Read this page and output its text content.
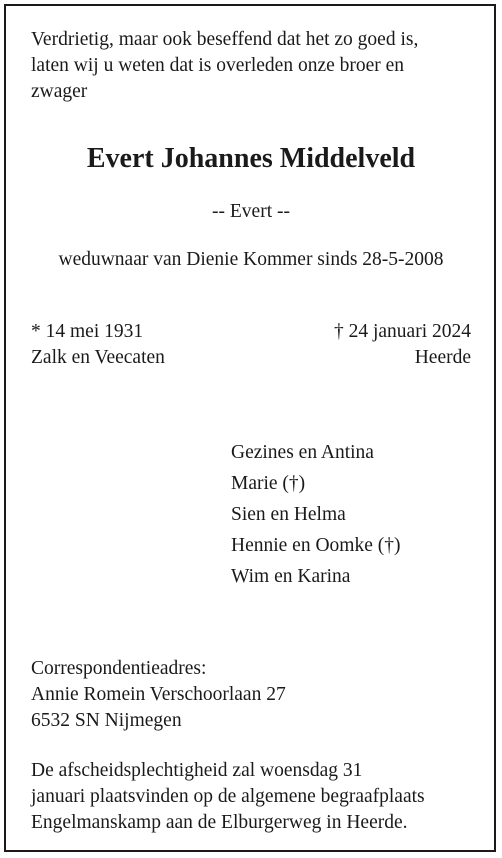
Verdrietig, maar ook beseffend dat het zo goed is,
laten wij u weten dat is overleden onze broer en
zwager
Evert Johannes Middelveld
-- Evert --
weduwnaar van Dienie Kommer sinds 28-5-2008
* 14 mei 1931
Zalk en Veecaten
† 24 januari 2024
Heerde
Gezines en Antina
Marie (†)
Sien en Helma
Hennie en Oomke (†)
Wim en Karina
Correspondentieadres:
Annie Romein Verschoorlaan 27
6532 SN Nijmegen
De afscheidsplechtigheid zal woensdag 31
januari plaatsvinden op de algemene begraafplaats
Engelmanskamp aan de Elburgerweg in Heerde.
